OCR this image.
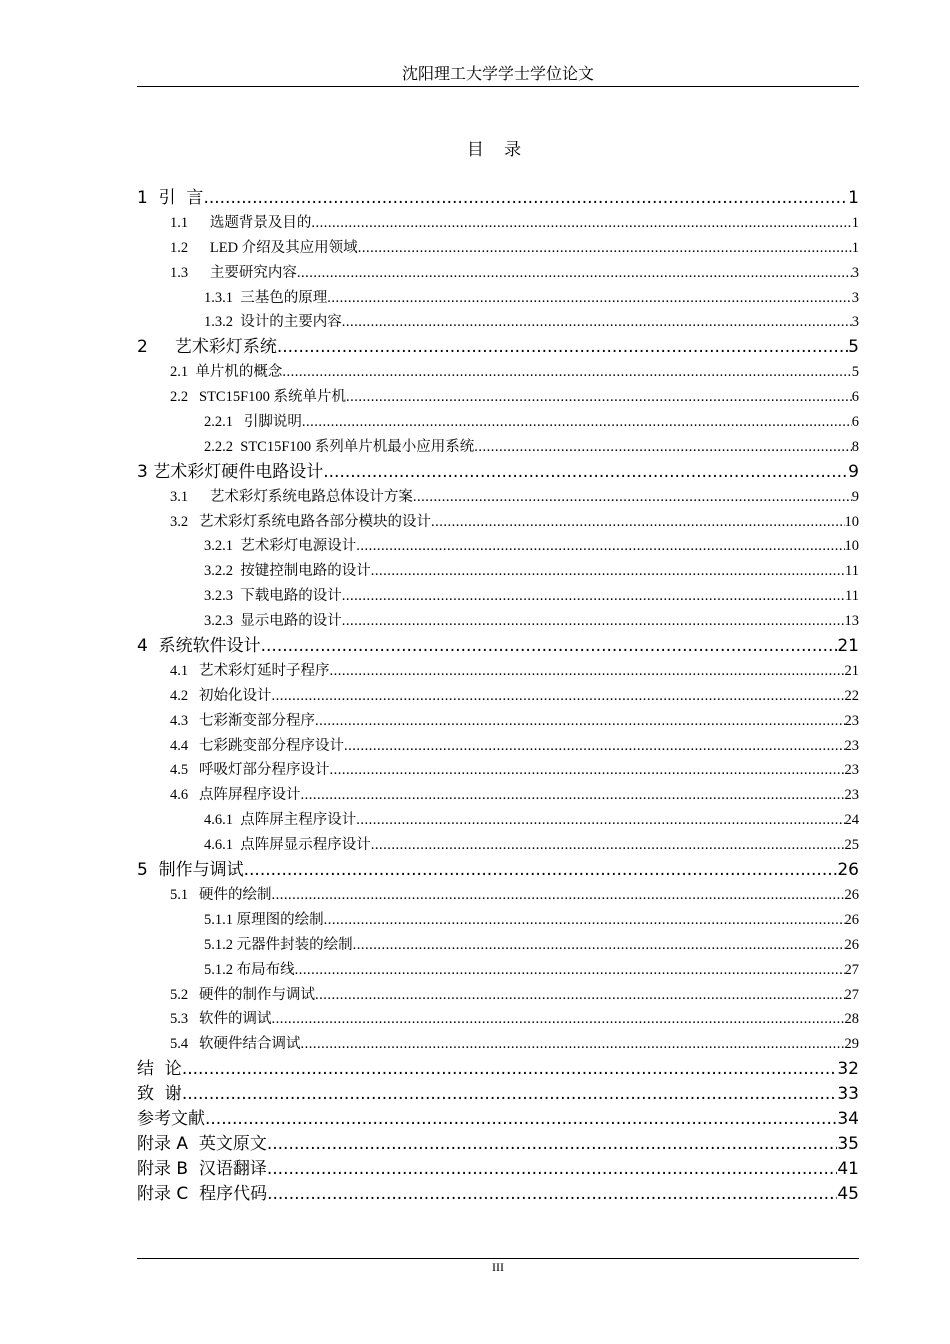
沈阳理工大学学士学位论文
目 录
1 引  言 .....	1
1.1 选题背景及目的 .....	1
1.2 LED 介绍及其应用领域 .....	1
1.3 主要研究内容 .....	3
1.3.1 三基色的原理 .....	3
1.3.2 设计的主要内容 .....	3
2 艺术彩灯系统 .....	5
2.1 单片机的概念 .....	5
2.2 STC15F100 系统单片机 .....	6
2.2.1 引脚说明 .....	6
2.2.2 STC15F100 系列单片机最小应用系统 .....	8
3 艺术彩灯硬件电路设计 .....	9
3.1 艺术彩灯系统电路总体设计方案 .....	9
3.2 艺术彩灯系统电路各部分模块的设计 .....	10
3.2.1 艺术彩灯电源设计 .....	10
3.2.2 按键控制电路的设计 .....	11
3.2.3 下载电路的设计 .....	11
3.2.3 显示电路的设计 .....	13
4 系统软件设计 .....	21
4.1 艺术彩灯延时子程序 .....	21
4.2 初始化设计 .....	22
4.3 七彩渐变部分程序 .....	23
4.4 七彩跳变部分程序设计 .....	23
4.5 呼吸灯部分程序设计 .....	23
4.6 点阵屏程序设计 .....	23
4.6.1 点阵屏主程序设计 .....	24
4.6.1 点阵屏显示程序设计 .....	25
5 制作与调试 .....	26
5.1 硬件的绘制 .....	26
5.1.1 原理图的绘制 .....	26
5.1.2 元器件封装的绘制 .....	26
5.1.2 布局布线 .....	27
5.2 硬件的制作与调试 .....	27
5.3 软件的调试 .....	28
5.4 软硬件结合调试 .....	29
结  论 .....	32
致  谢 .....	33
参考文献 .....	34
附录 A  英文原文 .....	35
附录 B  汉语翻译 .....	41
附录 C  程序代码 .....	45
III
